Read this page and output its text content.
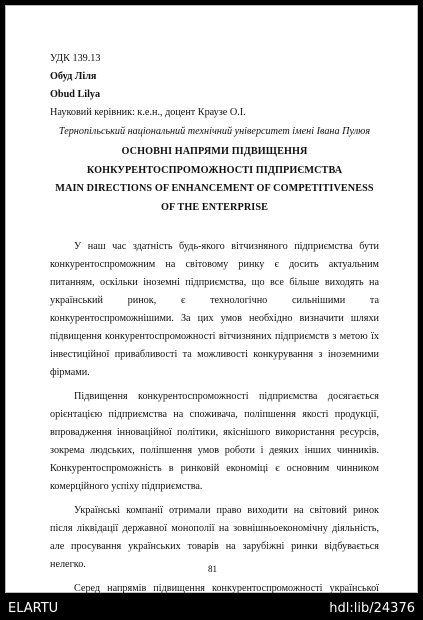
УДК 139.13
Обуд Ліля
Obud Lilya
Науковий керівник: к.е.н., доцент Краузе О.І.
Тернопільський національний технічний університет імені Івана Пулюя
ОСНОВНІ НАПРЯМИ ПІДВИЩЕННЯ
КОНКУРЕНТОСПРОМОЖНОСТІ ПІДПРИЄМСТВА
MAIN DIRECTIONS OF ENHANCEMENT OF COMPETITIVENESS
OF THE ENTERPRISE
У наш час здатність будь-якого вітчизняного підприємства бути
конкурентоспроможним на світовому ринку є досить актуальним
питанням, оскільки іноземні підприємства, що все більше виходять на
український ринок, є технологічно сильнішими та
конкурентоспроможнішими. За цих умов необхідно визначити шляхи
підвищення конкурентоспроможності вітчизняних підприємств з метою їх
інвестиційної привабливості та можливості конкурування з іноземними
фірмами.
Підвищення конкурентоспроможності підприємства досягається
орієнтацією підприємства на споживача, поліпшення якості продукції,
впровадження інноваційної політики, якіснішого використання ресурсів,
зокрема людських, поліпшення умов роботи і деяких інших чинників.
Конкурентоспроможність в ринковій економіці є основним чинником
комерційного успіху підприємства.
Українські компанії отримали право виходити на світовий ринок
після ліквідації державної монополії на зовнішньоекономічну діяльність,
але просування українських товарів на зарубіжні ринки відбувається
нелегко.
Серед напрямів підвищення конкурентоспроможності української
81
ELARTU	hdl:lib/24376
